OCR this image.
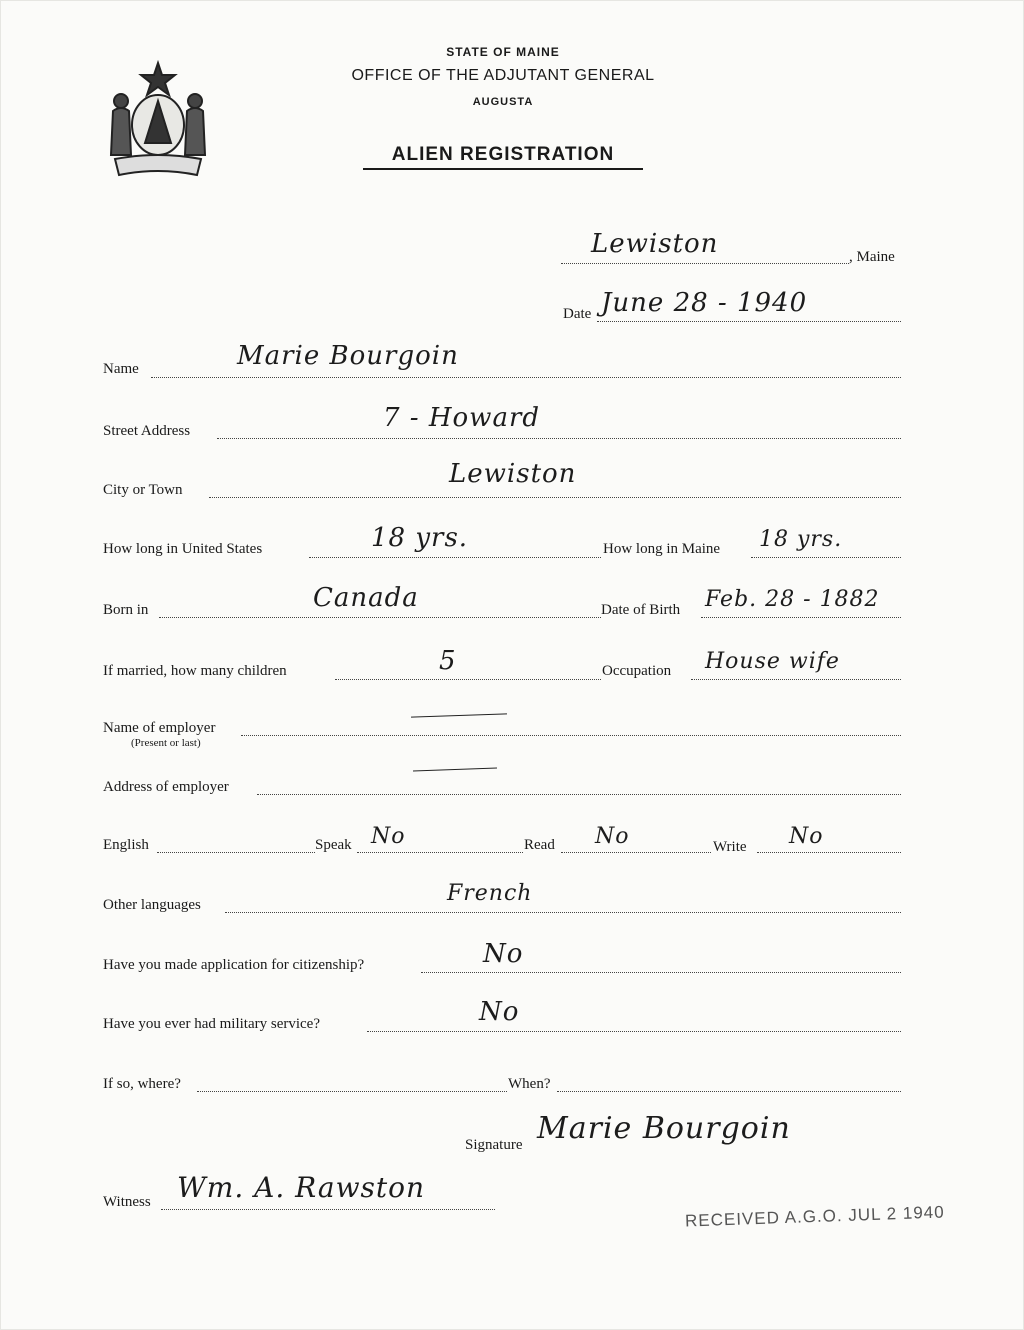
STATE OF MAINE
OFFICE OF THE ADJUTANT GENERAL
AUGUSTA
ALIEN REGISTRATION
Lewiston	, Maine
Date June 28 - 1940
Name	Marie Bourgoin
Street Address	7 - Howard
City or Town
Lewiston
How long in United States	18 yrs.	How long in Maine 18 yrs.
Born in	Canada	Date of Birth Feb. 28 - 1882
If married, how many children	5	Occupation House wife
Name of employer
(Present or last)
Address of employer
English	Speak No	Read No	Write No
Other languages	French
Have you made application for citizenship?	No
Have you ever had military service?	No
If so, where?	When?
Signature Marie Bourgoin
Witness Wm. A. Rawston
RECEIVED A.G.O. JUL 2 1940
